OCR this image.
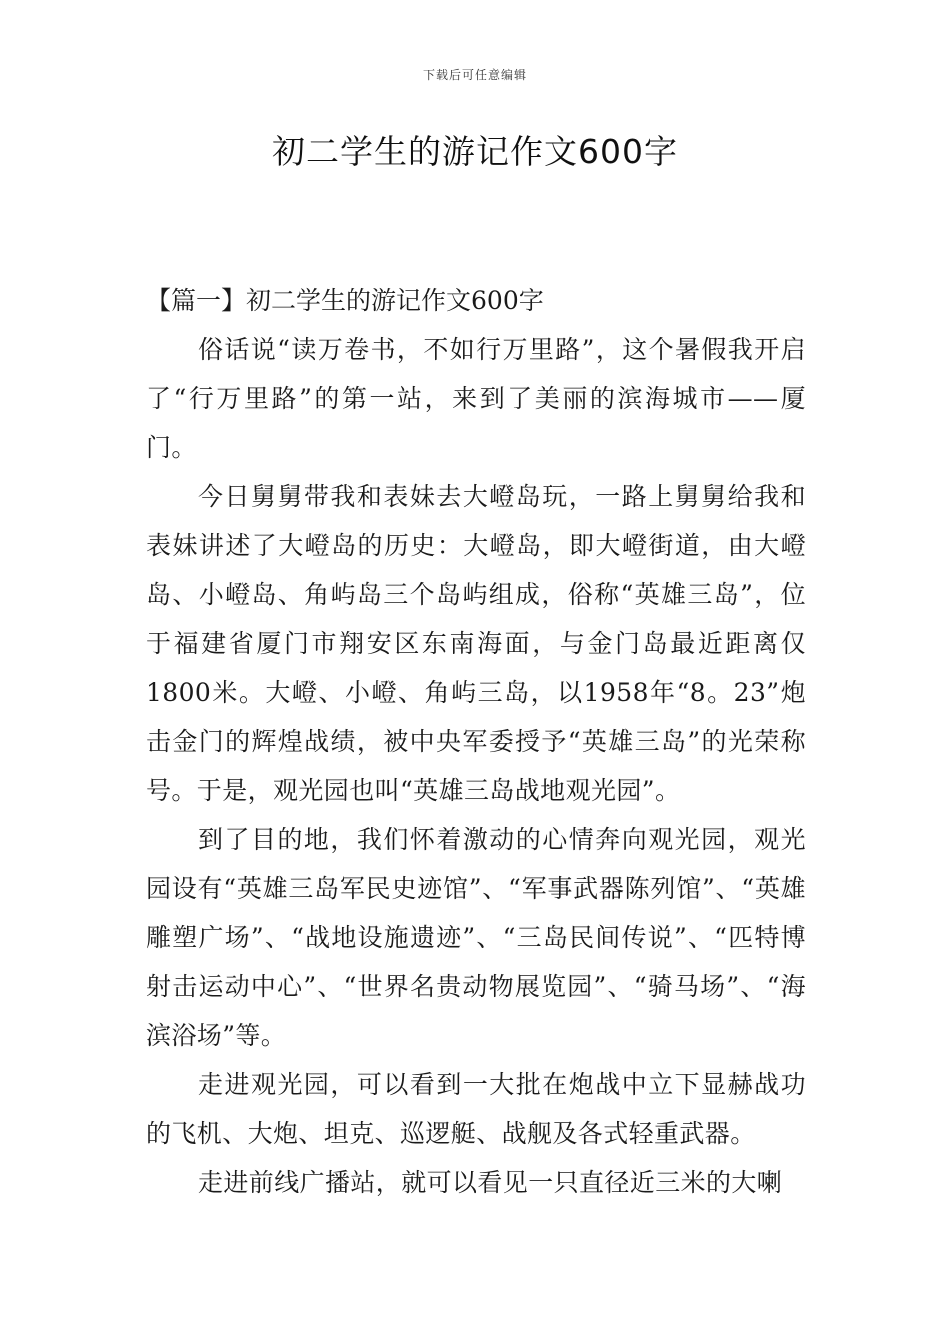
下载后可任意编辑
初二学生的游记作文600字

【篇一】初二学生的游记作文600字

俗话说“读万卷书，不如行万里路”，这个暑假我开启了“行万里路”的第一站，来到了美丽的滨海城市——厦门。

今日舅舅带我和表妹去大嶝岛玩，一路上舅舅给我和表妹讲述了大嶝岛的历史：大嶝岛，即大嶝街道，由大嶝岛、小嶝岛、角屿岛三个岛屿组成，俗称“英雄三岛”，位于福建省厦门市翔安区东南海面，与金门岛最近距离仅1800米。大嶝、小嶝、角屿三岛，以1958年“8。23”炮击金门的辉煌战绩，被中央军委授予“英雄三岛”的光荣称号。于是，观光园也叫“英雄三岛战地观光园”。

到了目的地，我们怀着激动的心情奔向观光园，观光园设有“英雄三岛军民史迹馆”、“军事武器陈列馆”、“英雄雕塑广场”、“战地设施遗迹”、“三岛民间传说”、“匹特博射击运动中心”、“世界名贵动物展览园”、“骑马场”、“海滨浴场”等。

走进观光园，可以看到一大批在炮战中立下显赫战功的飞机、大炮、坦克、巡逻艇、战舰及各式轻重武器。

走进前线广播站，就可以看见一只直径近三米的大喇
